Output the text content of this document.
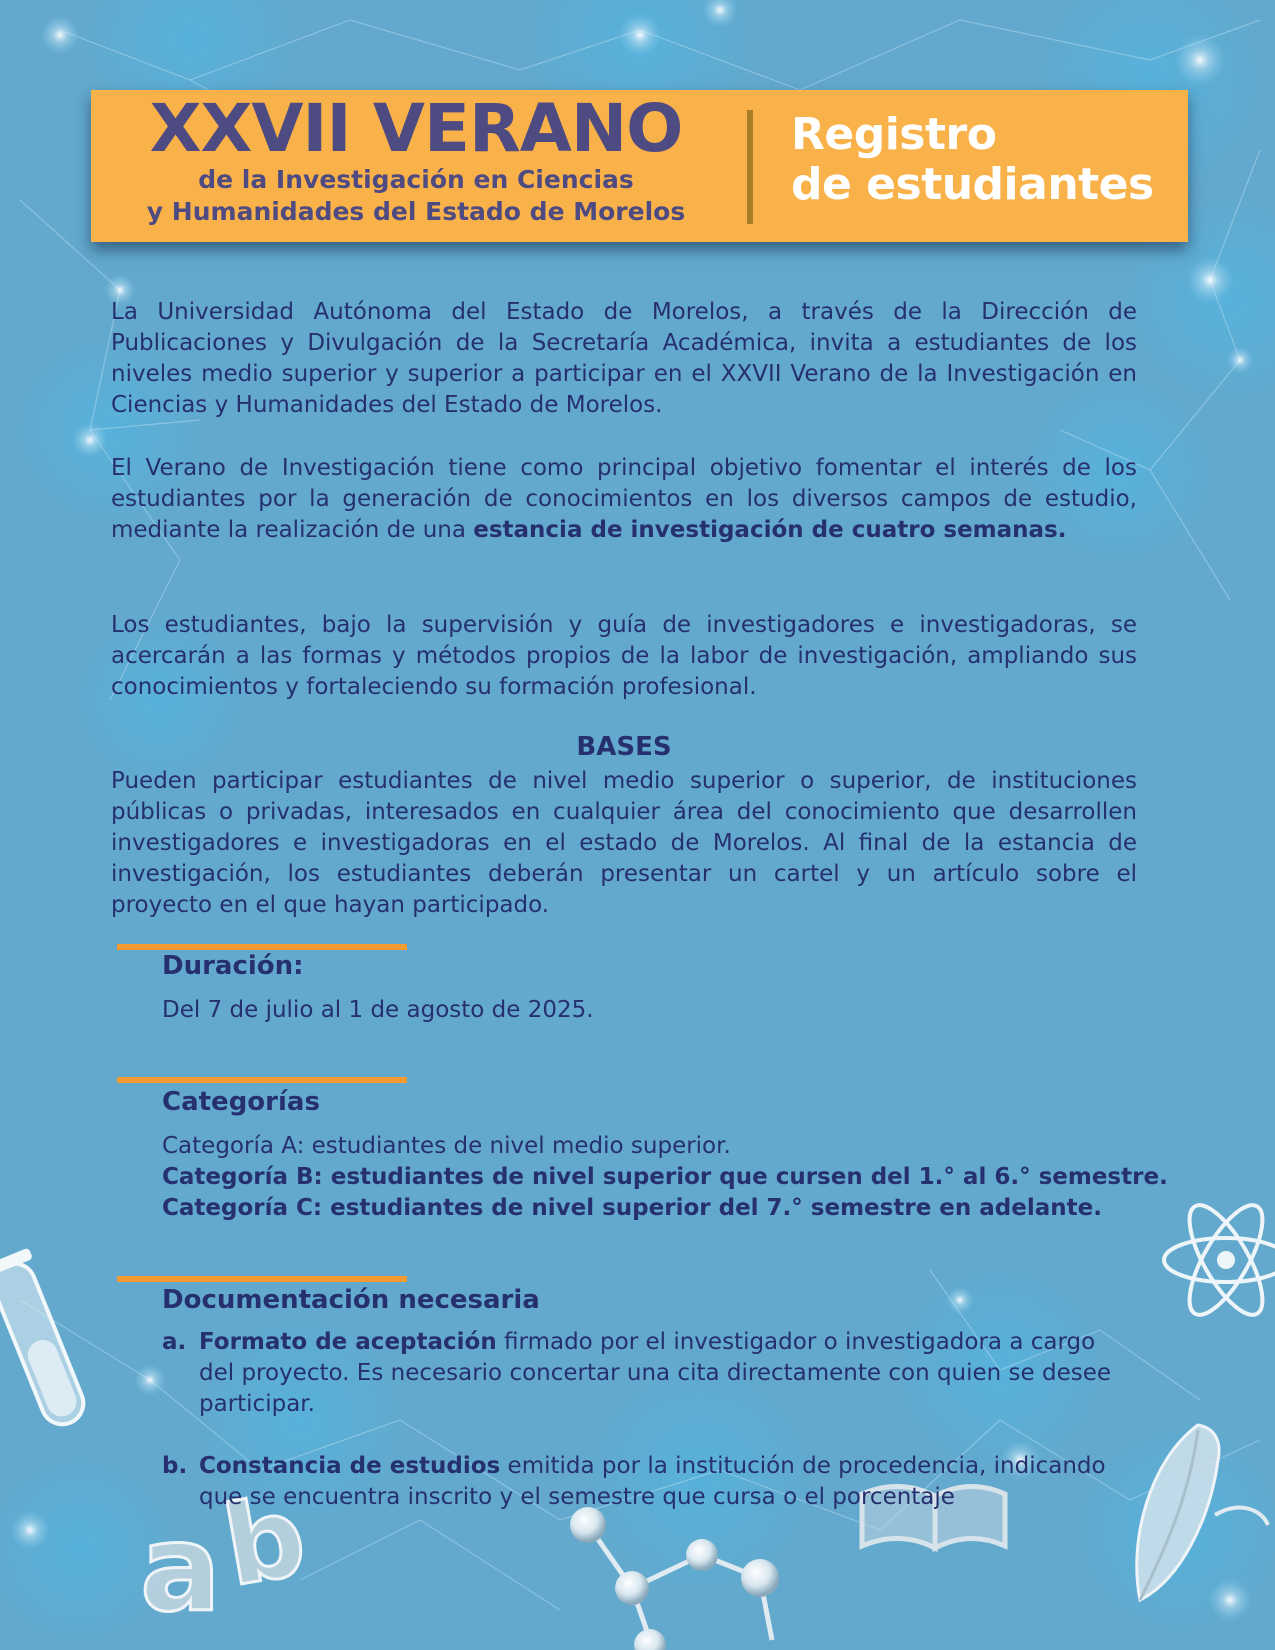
a
b
XXVII VERANO
de la Investigación en Ciencias
y Humanidades del Estado de Morelos
Registro
de estudiantes

La Universidad Autónoma del Estado de Morelos, a través de la Dirección de Publicaciones y Divulgación de la Secretaría Académica, invita a estudiantes de los niveles medio superior y superior a participar en el XXVII Verano de la Investigación en Ciencias y Humanidades del Estado de Morelos.

El Verano de Investigación tiene como principal objetivo fomentar el interés de los estudiantes por la generación de conocimientos en los diversos campos de estudio, mediante la realización de una estancia de investigación de cuatro semanas.

Los estudiantes, bajo la supervisión y guía de investigadores e investigadoras, se acercarán a las formas y métodos propios de la labor de investigación, ampliando sus conocimientos y fortaleciendo su formación profesional.

BASES

Pueden participar estudiantes de nivel medio superior o superior, de instituciones públicas o privadas, interesados en cualquier área del conocimiento que desarrollen investigadores e investigadoras en el estado de Morelos. Al final de la estancia de investigación, los estudiantes deberán presentar un cartel y un artículo sobre el proyecto en el que hayan participado.

Duración:
Del 7 de julio al 1 de agosto de 2025.
Categorías
Categoría A: estudiantes de nivel medio superior.
Categoría B: estudiantes de nivel superior que cursen del 1.° al 6.° semestre.
Categoría C: estudiantes de nivel superior del 7.° semestre en adelante.
Documentación necesaria
a. Formato de aceptación firmado por el investigador o investigadora a cargo del proyecto. Es necesario concertar una cita directamente con quien se desee participar.
b. Constancia de estudios emitida por la institución de procedencia, indicando que se encuentra inscrito y el semestre que cursa o el porcentaje
